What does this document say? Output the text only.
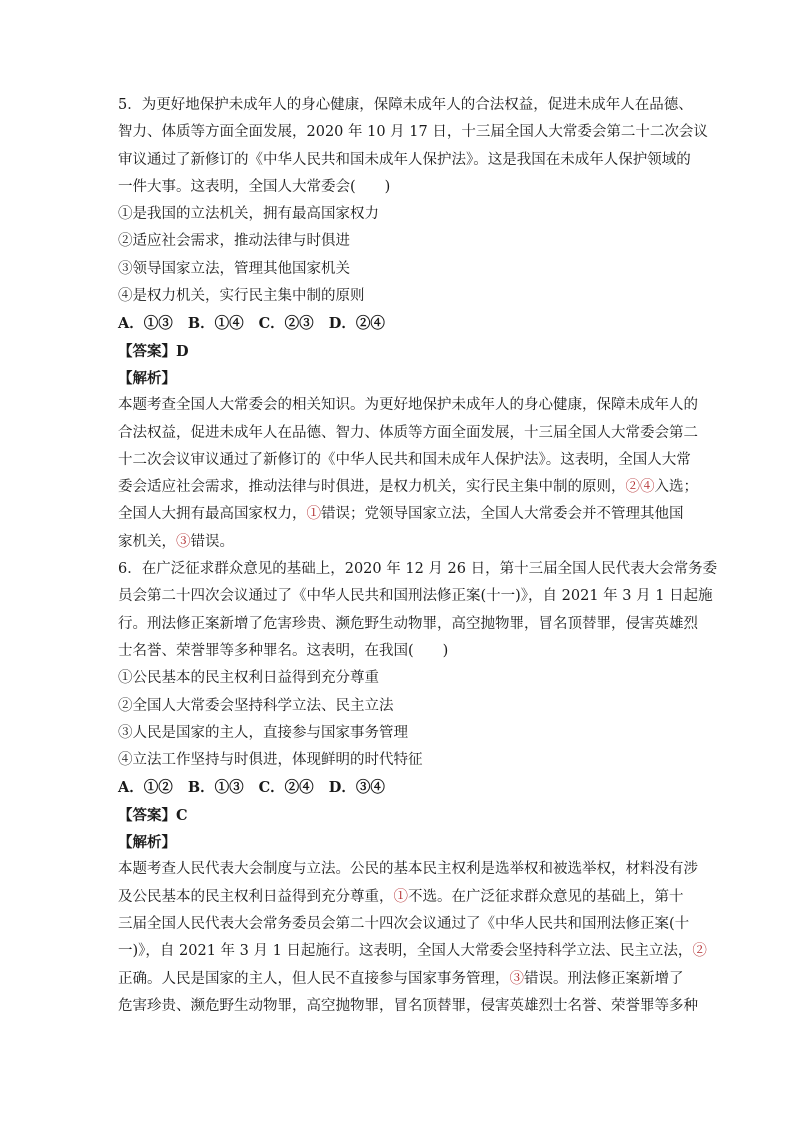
5．为更好地保护未成年人的身心健康，保障未成年人的合法权益，促进未成年人在品德、
智力、体质等方面全面发展，2020 年 10 月 17 日，十三届全国人大常委会第二十二次会议
审议通过了新修订的《中华人民共和国未成年人保护法》。这是我国在未成年人保护领域的
一件大事。这表明，全国人大常委会(　　)
①是我国的立法机关，拥有最高国家权力
②适应社会需求，推动法律与时俱进
③领导国家立法，管理其他国家机关
④是权力机关，实行民主集中制的原则
A．①③ B．①④ C．②③ D．②④
【答案】D
【解析】
本题考查全国人大常委会的相关知识。为更好地保护未成年人的身心健康，保障未成年人的
合法权益，促进未成年人在品德、智力、体质等方面全面发展，十三届全国人大常委会第二
十二次会议审议通过了新修订的《中华人民共和国未成年人保护法》。这表明，全国人大常
委会适应社会需求，推动法律与时俱进，是权力机关，实行民主集中制的原则，②④入选；
全国人大拥有最高国家权力，①错误；党领导国家立法，全国人大常委会并不管理其他国
家机关，③错误。
6．在广泛征求群众意见的基础上，2020 年 12 月 26 日，第十三届全国人民代表大会常务委
员会第二十四次会议通过了《中华人民共和国刑法修正案(十一)》，自 2021 年 3 月 1 日起施
行。刑法修正案新增了危害珍贵、濒危野生动物罪，高空抛物罪，冒名顶替罪，侵害英雄烈
士名誉、荣誉罪等多种罪名。这表明，在我国(　　)
①公民基本的民主权利日益得到充分尊重
②全国人大常委会坚持科学立法、民主立法
③人民是国家的主人，直接参与国家事务管理
④立法工作坚持与时俱进，体现鲜明的时代特征
A．①② B．①③ C．②④ D．③④
【答案】C
【解析】
本题考查人民代表大会制度与立法。公民的基本民主权利是选举权和被选举权，材料没有涉
及公民基本的民主权利日益得到充分尊重，①不选。在广泛征求群众意见的基础上，第十
三届全国人民代表大会常务委员会第二十四次会议通过了《中华人民共和国刑法修正案(十
一)》，自 2021 年 3 月 1 日起施行。这表明，全国人大常委会坚持科学立法、民主立法，②
正确。人民是国家的主人，但人民不直接参与国家事务管理，③错误。刑法修正案新增了
危害珍贵、濒危野生动物罪，高空抛物罪，冒名顶替罪，侵害英雄烈士名誉、荣誉罪等多种
